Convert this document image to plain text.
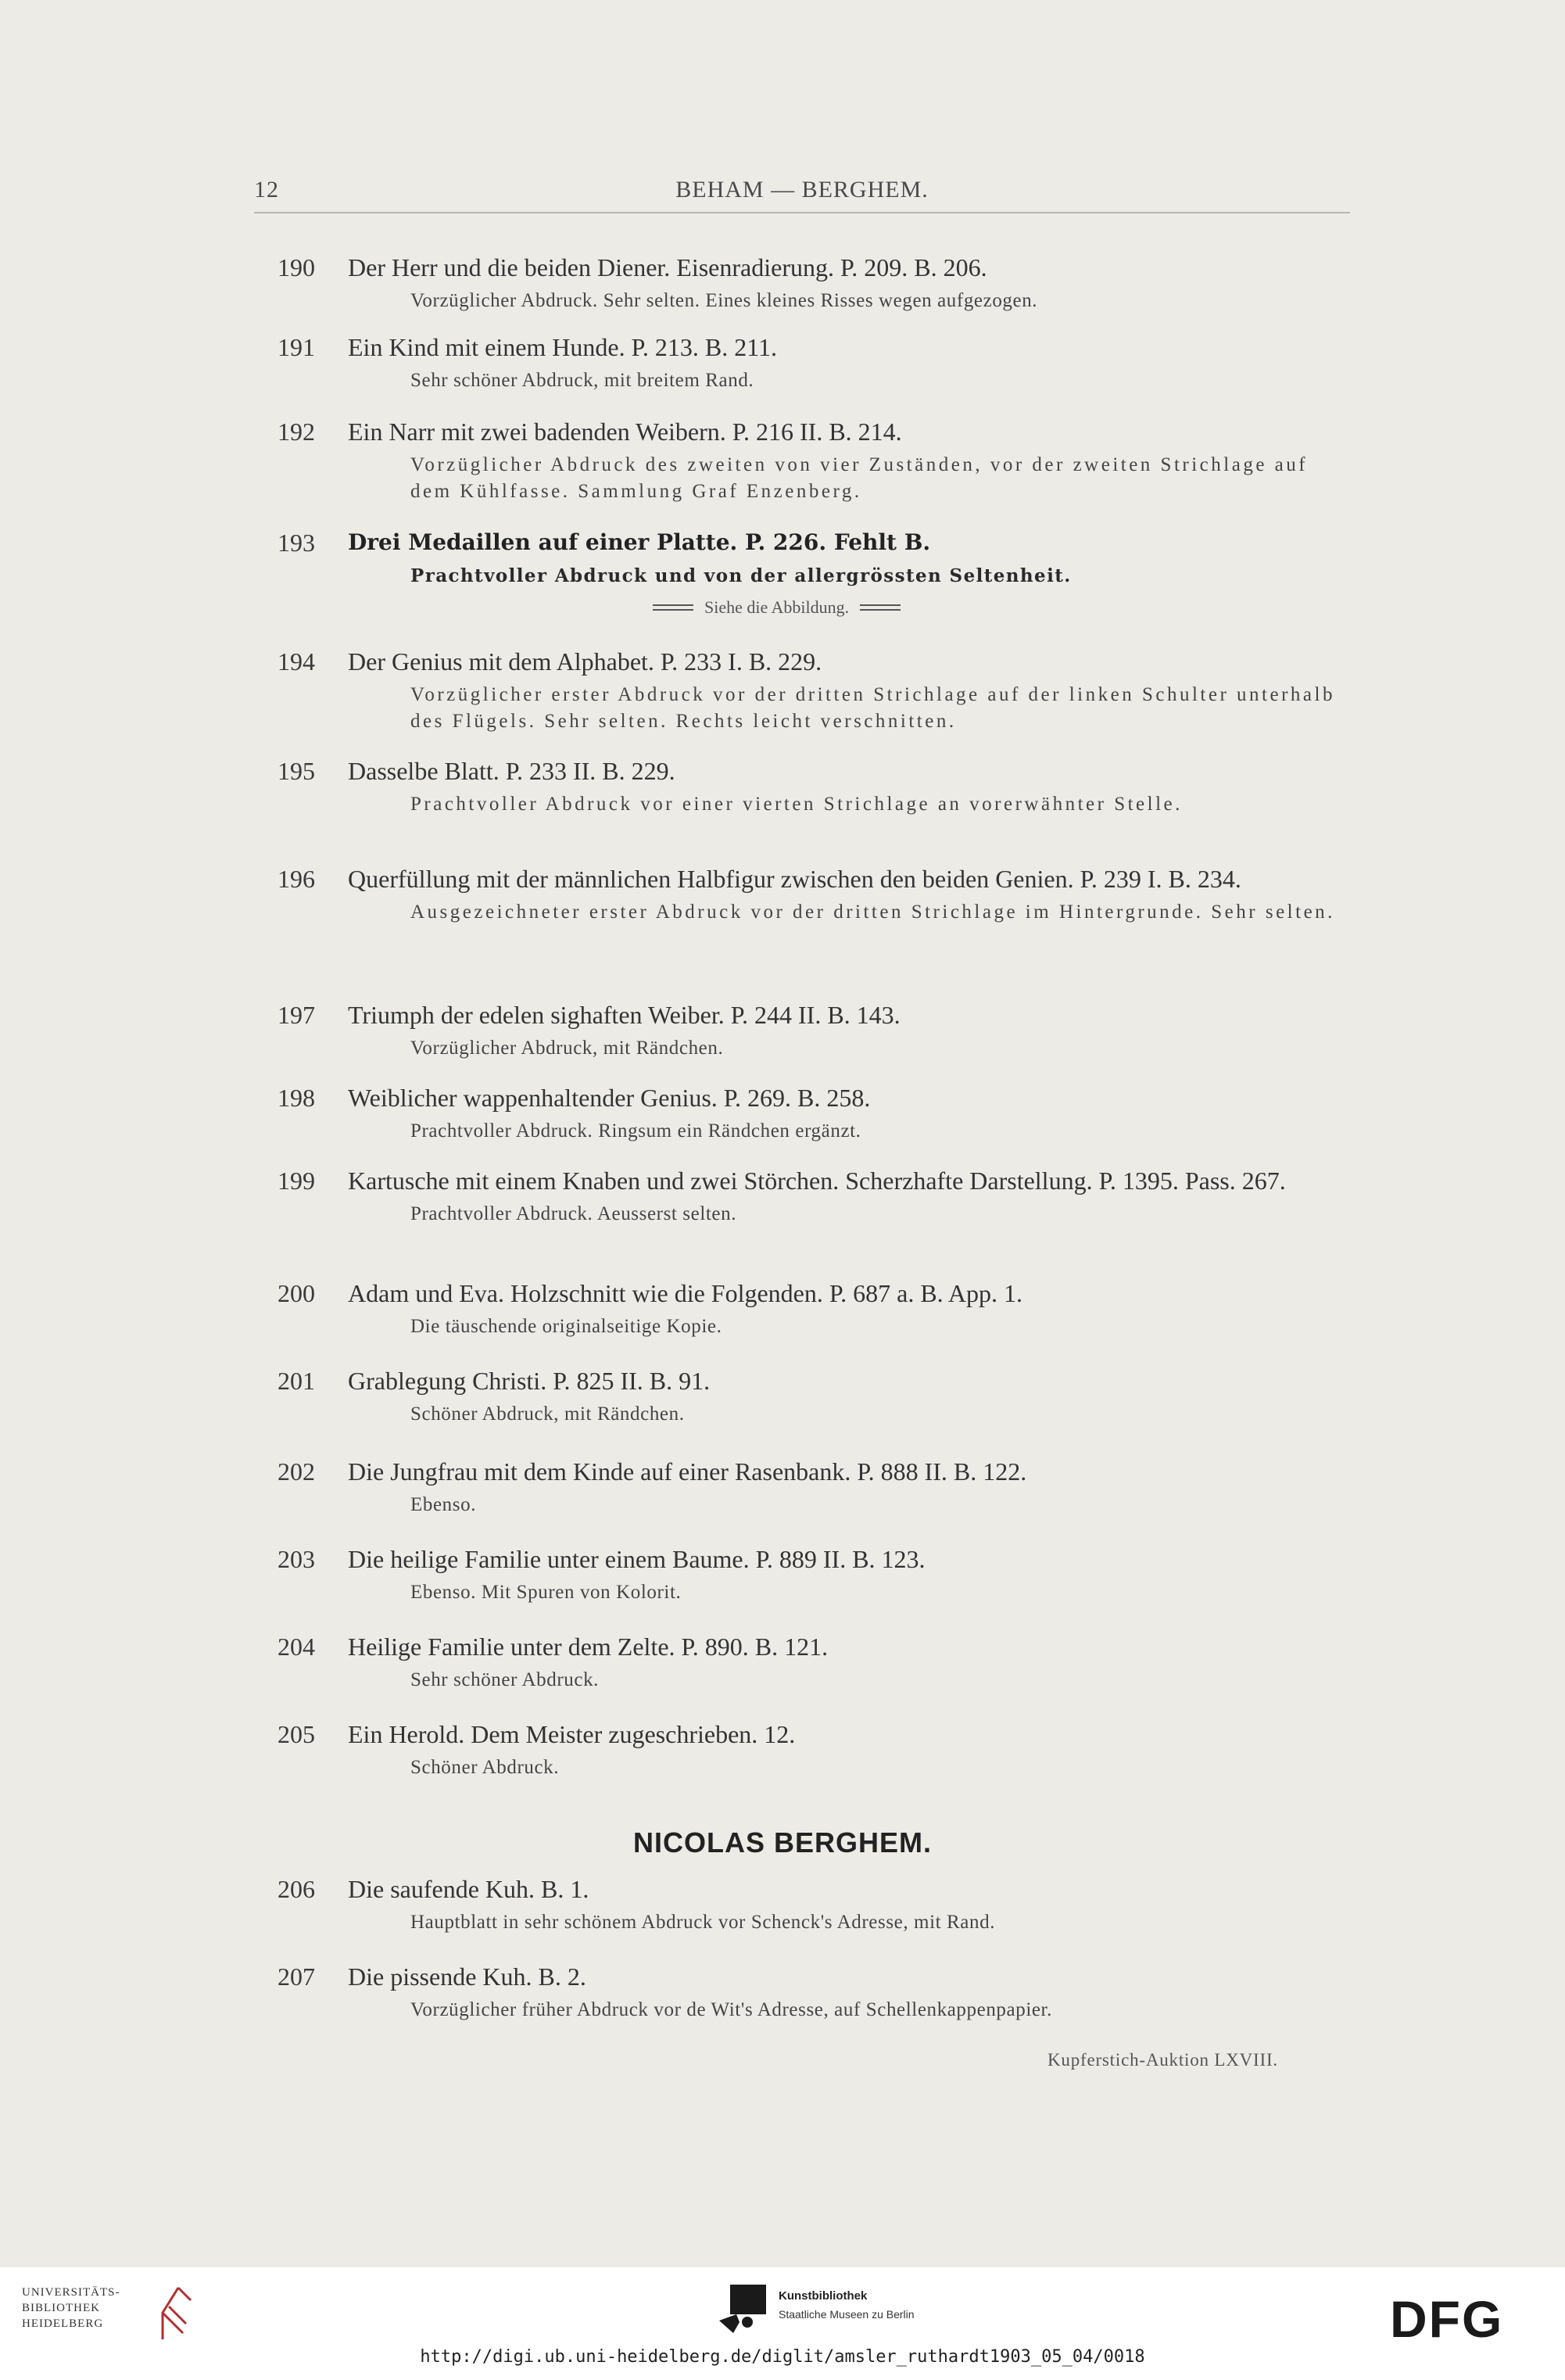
12	BEHAM — BERGHEM.
190	Der Herr und die beiden Diener. Eisenradierung. P. 209. B. 206.
Vorzüglicher Abdruck. Sehr selten. Eines kleines Risses wegen aufgezogen.
191	Ein Kind mit einem Hunde. P. 213. B. 211.
Sehr schöner Abdruck, mit breitem Rand.
192	Ein Narr mit zwei badenden Weibern. P. 216 II. B. 214.
Vorzüglicher Abdruck des zweiten von vier Zuständen, vor der zweiten Strichlage auf dem Kühlfasse. Sammlung Graf Enzenberg.
193	Drei Medaillen auf einer Platte. P. 226. Fehlt B.
Prachtvoller Abdruck und von der allergrössten Seltenheit.
Siehe die Abbildung.
194	Der Genius mit dem Alphabet. P. 233 I. B. 229.
Vorzüglicher erster Abdruck vor der dritten Strichlage auf der linken Schulter unterhalb des Flügels. Sehr selten. Rechts leicht verschnitten.
195	Dasselbe Blatt. P. 233 II. B. 229.
Prachtvoller Abdruck vor einer vierten Strichlage an vorerwähnter Stelle.
196	Querfüllung mit der männlichen Halbfigur zwischen den beiden Genien. P. 239 I. B. 234.
Ausgezeichneter erster Abdruck vor der dritten Strichlage im Hintergrunde. Sehr selten.
197	Triumph der edelen sighaften Weiber. P. 244 II. B. 143.
Vorzüglicher Abdruck, mit Rändchen.
198	Weiblicher wappenhaltender Genius. P. 269. B. 258.
Prachtvoller Abdruck. Ringsum ein Rändchen ergänzt.
199	Kartusche mit einem Knaben und zwei Störchen. Scherzhafte Darstellung. P. 1395. Pass. 267.
Prachtvoller Abdruck. Aeusserst selten.
200	Adam und Eva. Holzschnitt wie die Folgenden. P. 687 a. B. App. 1.
Die täuschende originalseitige Kopie.
201	Grablegung Christi. P. 825 II. B. 91.
Schöner Abdruck, mit Rändchen.
202	Die Jungfrau mit dem Kinde auf einer Rasenbank. P. 888 II. B. 122.
Ebenso.
203	Die heilige Familie unter einem Baume. P. 889 II. B. 123.
Ebenso. Mit Spuren von Kolorit.
204	Heilige Familie unter dem Zelte. P. 890. B. 121.
Sehr schöner Abdruck.
205	Ein Herold. Dem Meister zugeschrieben. 12.
Schöner Abdruck.
NICOLAS BERGHEM.
206	Die saufende Kuh. B. 1.
Hauptblatt in sehr schönem Abdruck vor Schenck's Adresse, mit Rand.
207	Die pissende Kuh. B. 2.
Vorzüglicher früher Abdruck vor de Wit's Adresse, auf Schellenkappenpapier.
Kupferstich-Auktion LXVIII.
UNIVERSITÄTS-
BIBLIOTHEK
HEIDELBERG
Kunstbibliothek
Staatliche Museen zu Berlin	DFG
http://digi.ub.uni-heidelberg.de/diglit/amsler_ruthardt1903_05_04/0018
